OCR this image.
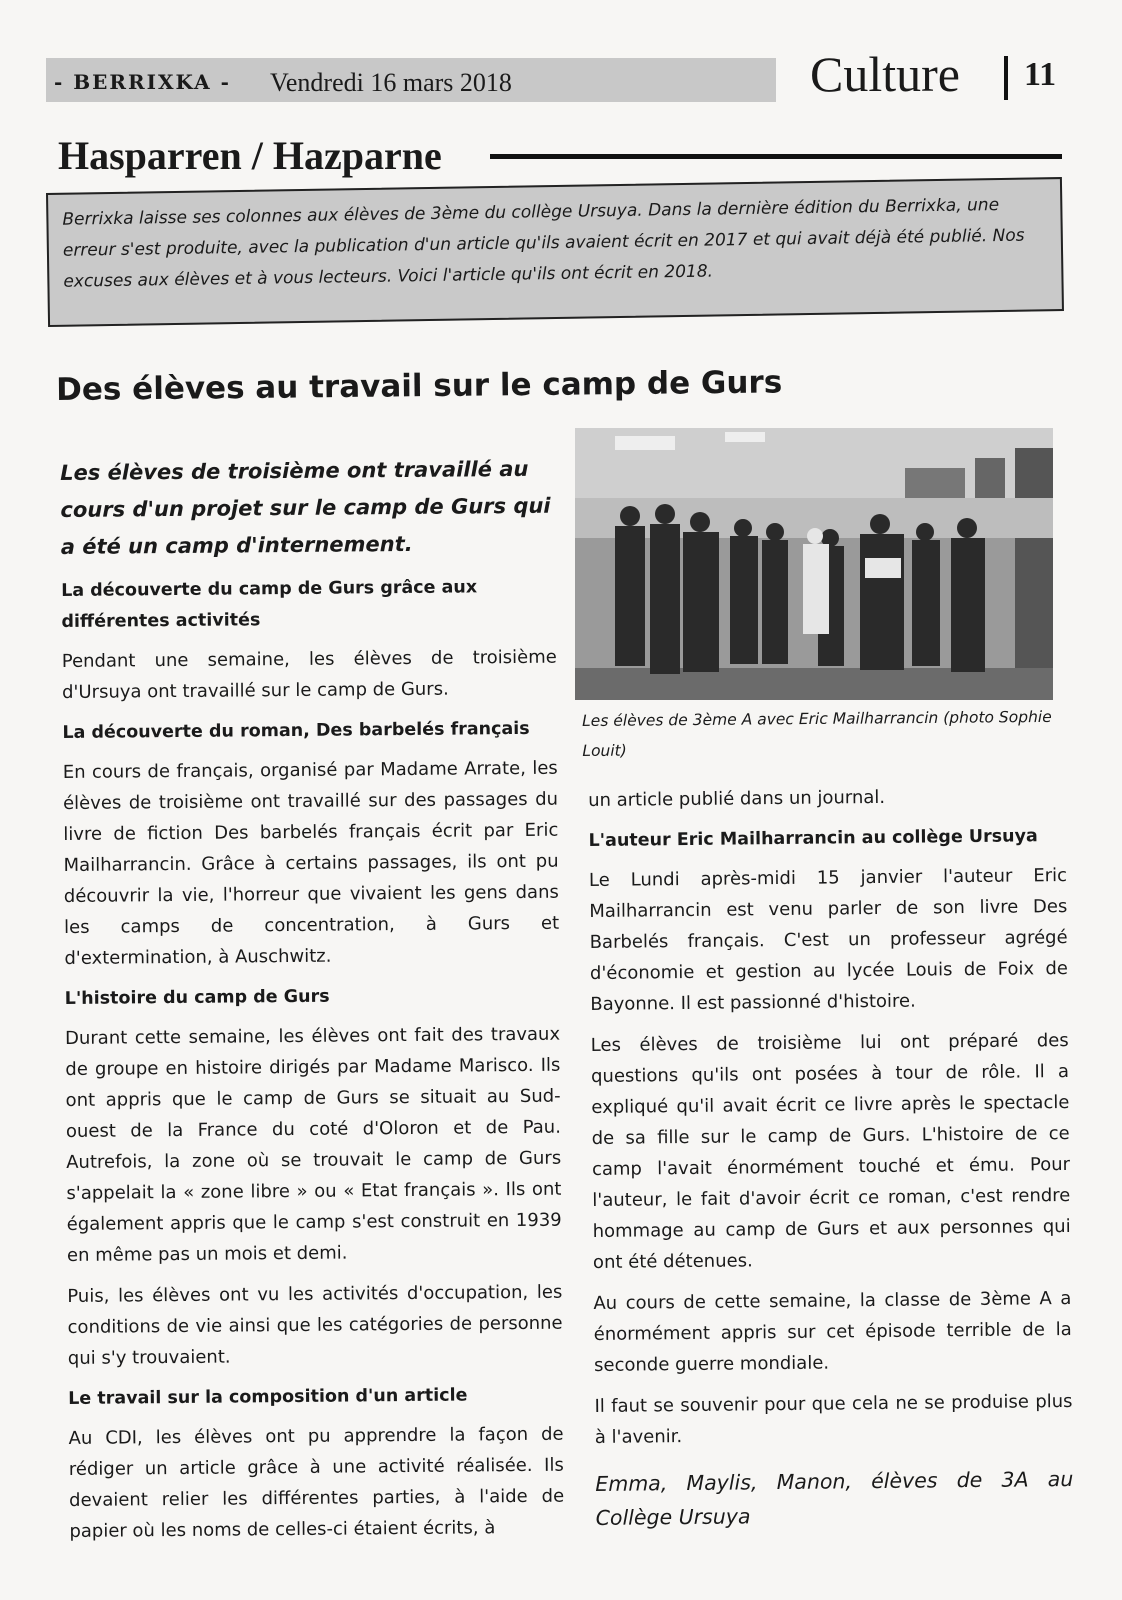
- BERRIXKA - Vendredi 16 mars 2018	Culture 11
Hasparren / Hazparne
Berrixka laisse ses colonnes aux élèves de 3ème du collège Ursuya. Dans la dernière édition du Berrixka, une erreur s'est produite, avec la publication d'un article qu'ils avaient écrit en 2017 et qui avait déjà été publié. Nos excuses aux élèves et à vous lecteurs. Voici l'article qu'ils ont écrit en 2018.
Des élèves au travail sur le camp de Gurs

Les élèves de troisième ont travaillé au cours d'un projet sur le camp de Gurs qui a été un camp d'internement.

La découverte du camp de Gurs grâce aux différentes activités

Pendant une semaine, les élèves de troisième d'Ursuya ont travaillé sur le camp de Gurs.

La découverte du roman, Des barbelés français

En cours de français, organisé par Madame Arrate, les élèves de troisième ont travaillé sur des passages du livre de fiction Des barbelés français écrit par Eric Mailharrancin. Grâce à certains passages, ils ont pu découvrir la vie, l'horreur que vivaient les gens dans les camps de concentration, à Gurs et d'extermination, à Auschwitz.

L'histoire du camp de Gurs

Durant cette semaine, les élèves ont fait des travaux de groupe en histoire dirigés par Madame Marisco. Ils ont appris que le camp de Gurs se situait au Sud-ouest de la France du coté d'Oloron et de Pau. Autrefois, la zone où se trouvait le camp de Gurs s'appelait la « zone libre » ou « Etat français ». Ils ont également appris que le camp s'est construit en 1939 en même pas un mois et demi.

Puis, les élèves ont vu les activités d'occupation, les conditions de vie ainsi que les catégories de personne qui s'y trouvaient.

Le travail sur la composition d'un article

Au CDI, les élèves ont pu apprendre la façon de rédiger un article grâce à une activité réalisée. Ils devaient relier les différentes parties, à l'aide de papier où les noms de celles-ci étaient écrits, à

Les élèves de 3ème A avec Eric Mailharrancin (photo Sophie Louit)

un article publié dans un journal.

L'auteur Eric Mailharrancin au collège Ursuya

Le Lundi après-midi 15 janvier l'auteur Eric Mailharrancin est venu parler de son livre Des Barbelés français. C'est un professeur agrégé d'économie et gestion au lycée Louis de Foix de Bayonne. Il est passionné d'histoire.

Les élèves de troisième lui ont préparé des questions qu'ils ont posées à tour de rôle. Il a expliqué qu'il avait écrit ce livre après le spectacle de sa fille sur le camp de Gurs. L'histoire de ce camp l'avait énormément touché et ému. Pour l'auteur, le fait d'avoir écrit ce roman, c'est rendre hommage au camp de Gurs et aux personnes qui ont été détenues.

Au cours de cette semaine, la classe de 3ème A a énormément appris sur cet épisode terrible de la seconde guerre mondiale.

Il faut se souvenir pour que cela ne se produise plus à l'avenir.

Emma, Maylis, Manon, élèves de 3A au Collège Ursuya
